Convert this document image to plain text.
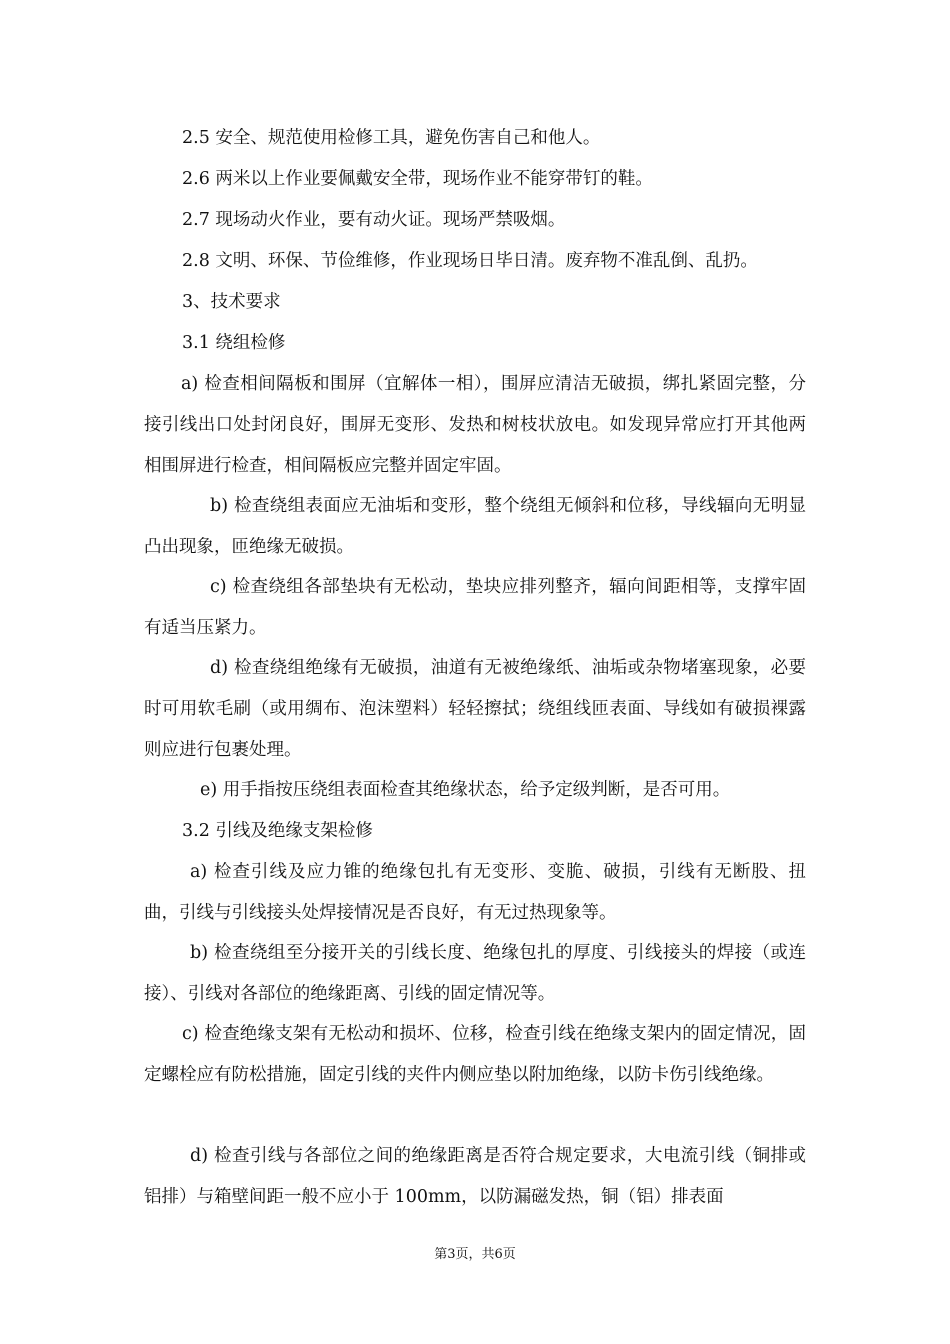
2.5 安全、规范使用检修工具，避免伤害自己和他人。

2.6 两米以上作业要佩戴安全带，现场作业不能穿带钉的鞋。

2.7 现场动火作业，要有动火证。现场严禁吸烟。

2.8 文明、环保、节俭维修，作业现场日毕日清。废弃物不准乱倒、乱扔。

3、技术要求

3.1 绕组检修

a) 检查相间隔板和围屏（宜解体一相），围屏应清洁无破损，绑扎紧固完整，分接引线出口处封闭良好，围屏无变形、发热和树枝状放电。如发现异常应打开其他两相围屏进行检查，相间隔板应完整并固定牢固。

b) 检查绕组表面应无油垢和变形，整个绕组无倾斜和位移，导线辐向无明显凸出现象，匝绝缘无破损。

c) 检查绕组各部垫块有无松动，垫块应排列整齐，辐向间距相等，支撑牢固有适当压紧力。

d) 检查绕组绝缘有无破损，油道有无被绝缘纸、油垢或杂物堵塞现象，必要时可用软毛刷（或用绸布、泡沫塑料）轻轻擦拭；绕组线匝表面、导线如有破损裸露则应进行包裹处理。

e) 用手指按压绕组表面检查其绝缘状态，给予定级判断，是否可用。

3.2 引线及绝缘支架检修

a) 检查引线及应力锥的绝缘包扎有无变形、变脆、破损，引线有无断股、扭曲，引线与引线接头处焊接情况是否良好，有无过热现象等。

b) 检查绕组至分接开关的引线长度、绝缘包扎的厚度、引线接头的焊接（或连接）、引线对各部位的绝缘距离、引线的固定情况等。

c) 检查绝缘支架有无松动和损坏、位移，检查引线在绝缘支架内的固定情况，固定螺栓应有防松措施，固定引线的夹件内侧应垫以附加绝缘，以防卡伤引线绝缘。

d) 检查引线与各部位之间的绝缘距离是否符合规定要求，大电流引线（铜排或铝排）与箱壁间距一般不应小于 100mm，以防漏磁发热，铜（铝）排表面

第3页，共6页
